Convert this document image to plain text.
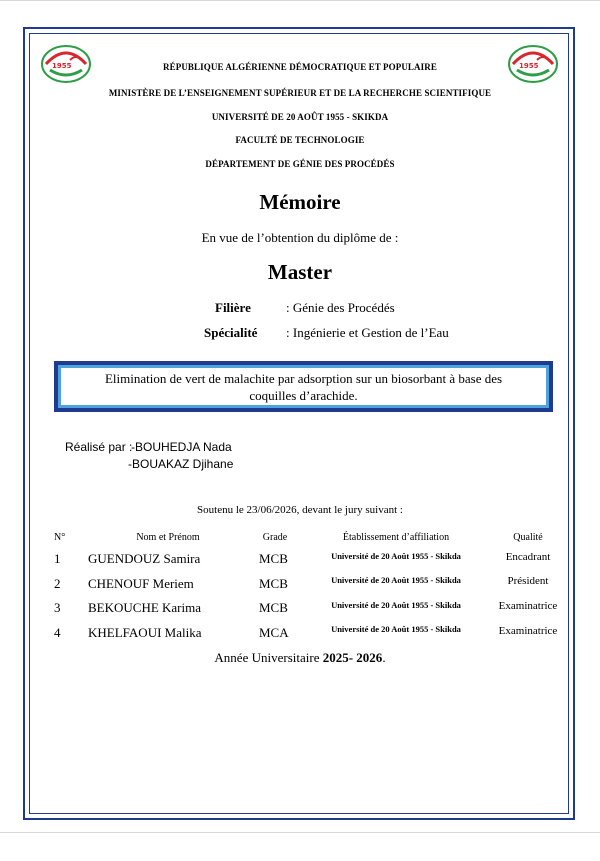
1955	1955
RÉPUBLIQUE ALGÉRIENNE DÉMOCRATIQUE ET POPULAIRE
MINISTÈRE DE L’ENSEIGNEMENT SUPÉRIEUR ET DE LA RECHERCHE SCIENTIFIQUE
UNIVERSITÉ DE 20 AOÛT 1955 - SKIKDA
FACULTÉ DE TECHNOLOGIE
DÉPARTEMENT DE GÉNIE DES PROCÉDÉS
Mémoire
En vue de l’obtention du diplôme de :
Master
Filière	: Génie des Procédés
Spécialité : Ingénierie et Gestion de l’Eau
Elimination de vert de malachite par adsorption sur un biosorbant à base des
coquilles d’arachide.
Réalisé par :
-BOUHEDJA Nada
-BOUAKAZ Djihane
Soutenu le 23/06/2026, devant le jury suivant :
N°	Nom et Prénom	Grade	Établissement d’affiliation	Qualité
1 GUENDOUZ Samira	MCB	Université de 20 Août 1955 - Skikda	Encadrant
2 CHENOUF Meriem	MCB	Université de 20 Août 1955 - Skikda	Président
3 BEKOUCHE Karima	MCB	Université de 20 Août 1955 - Skikda	Examinatrice
4 KHELFAOUI Malika	MCA	Université de 20 Août 1955 - Skikda	Examinatrice
Année Universitaire 2025- 2026.
